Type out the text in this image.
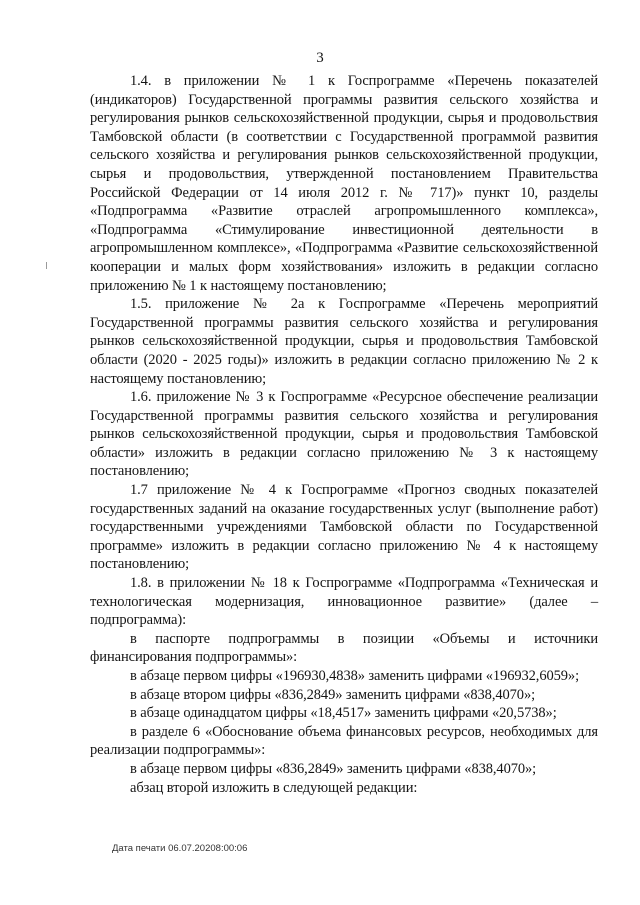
3

1.4. в приложении № 1 к Госпрограмме «Перечень показателей (индикаторов) Государственной программы развития сельского хозяйства и регулирования рынков сельскохозяйственной продукции, сырья и продовольствия Тамбовской области (в соответствии с Государственной программой развития сельского хозяйства и регулирования рынков сельскохозяйственной продукции, сырья и продовольствия, утвержденной постановлением Правительства Российской Федерации от 14 июля 2012 г. № 717)» пункт 10, разделы «Подпрограмма «Развитие отраслей агропромышленного комплекса», «Подпрограмма «Стимулирование инвестиционной деятельности в агропромышленном комплексе», «Подпрограмма «Развитие сельскохозяйственной кооперации и малых форм хозяйствования» изложить в редакции согласно приложению № 1 к настоящему постановлению;

1.5. приложение № 2а к Госпрограмме «Перечень мероприятий Государственной программы развития сельского хозяйства и регулирования рынков сельскохозяйственной продукции, сырья и продовольствия Тамбовской области (2020 - 2025 годы)» изложить в редакции согласно приложению № 2 к настоящему постановлению;

1.6. приложение № 3 к Госпрограмме «Ресурсное обеспечение реализации Государственной программы развития сельского хозяйства и регулирования рынков сельскохозяйственной продукции, сырья и продовольствия Тамбовской области» изложить в редакции согласно приложению № 3 к настоящему постановлению;

1.7 приложение № 4 к Госпрограмме «Прогноз сводных показателей государственных заданий на оказание государственных услуг (выполнение работ) государственными учреждениями Тамбовской области по Государственной программе» изложить в редакции согласно приложению № 4 к настоящему постановлению;

1.8. в приложении № 18 к Госпрограмме «Подпрограмма «Техническая и технологическая модернизация, инновационное развитие» (далее – подпрограмма):

в паспорте подпрограммы в позиции «Объемы и источники финансирования подпрограммы»:

в абзаце первом цифры «196930,4838» заменить цифрами «196932,6059»;

в абзаце втором цифры «836,2849» заменить цифрами «838,4070»;

в абзаце одинадцатом цифры «18,4517» заменить цифрами «20,5738»;

в разделе 6 «Обоснование объема финансовых ресурсов, необходимых для реализации подпрограммы»:

в абзаце первом цифры «836,2849» заменить цифрами «838,4070»;

абзац второй изложить в следующей редакции:

Дата печати 06.07.20208:00:06
